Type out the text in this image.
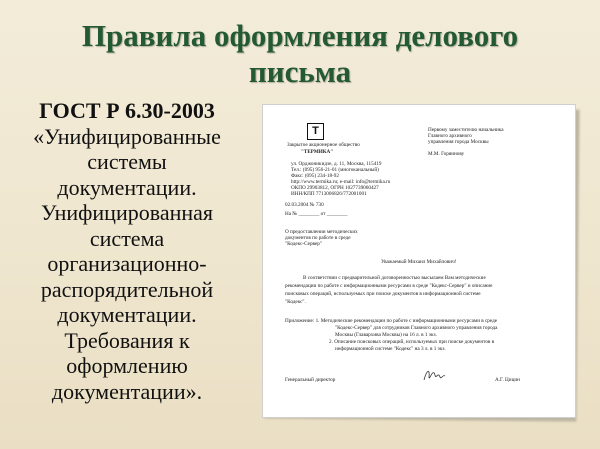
Правила оформления делового
письма
ГОСТ Р 6.30-2003
«Унифицированные
системы
документации.
Унифицированная
система
организационно-
распорядительной
документации.
Требования к
оформлению
документации».
T
Закрытое акционерное общество
"ТЕРМИКА"
ул. Орджоникидзе, д. 11, Москва, 115419
Тел.: (095) 956-21-01 (многоканальный)
Факс: (095) 234-18-92
http://www.termika.ru; e-mail: info@termika.ru
ОКПО 29903812, ОГРН 1027739060427
ИНН/КПП 7713006826/772001001
02.03.2004 № 730
На № ________ от ________
Первому заместителю начальника
Главного архивного
управления города Москвы
М.М. Горяинову
О предоставлении методических
документов по работе в среде
"Кодекс-Сервер"
Уважаемый Михаил Михайлович!
В соответствии с предварительной договоренностью высылаем Вам методические
рекомендации по работе с информационными ресурсами в среде "Кодекс-Сервер" и описание
поисковых операций, используемых при поиске документов в информационной системе
"Кодекс".
Приложение: 1. Методические рекомендации по работе с информационными ресурсами в среде
"Кодекс-Сервер" для сотрудников Главного архивного управления города
Москвы (Главархива Москвы) на 16 л. в 1 экз.
2. Описание поисковых операций, используемых при поиске документов в
информационной системе "Кодекс" на 3 л. в 1 экз.
Генеральный директор	А.Г. Цицин
